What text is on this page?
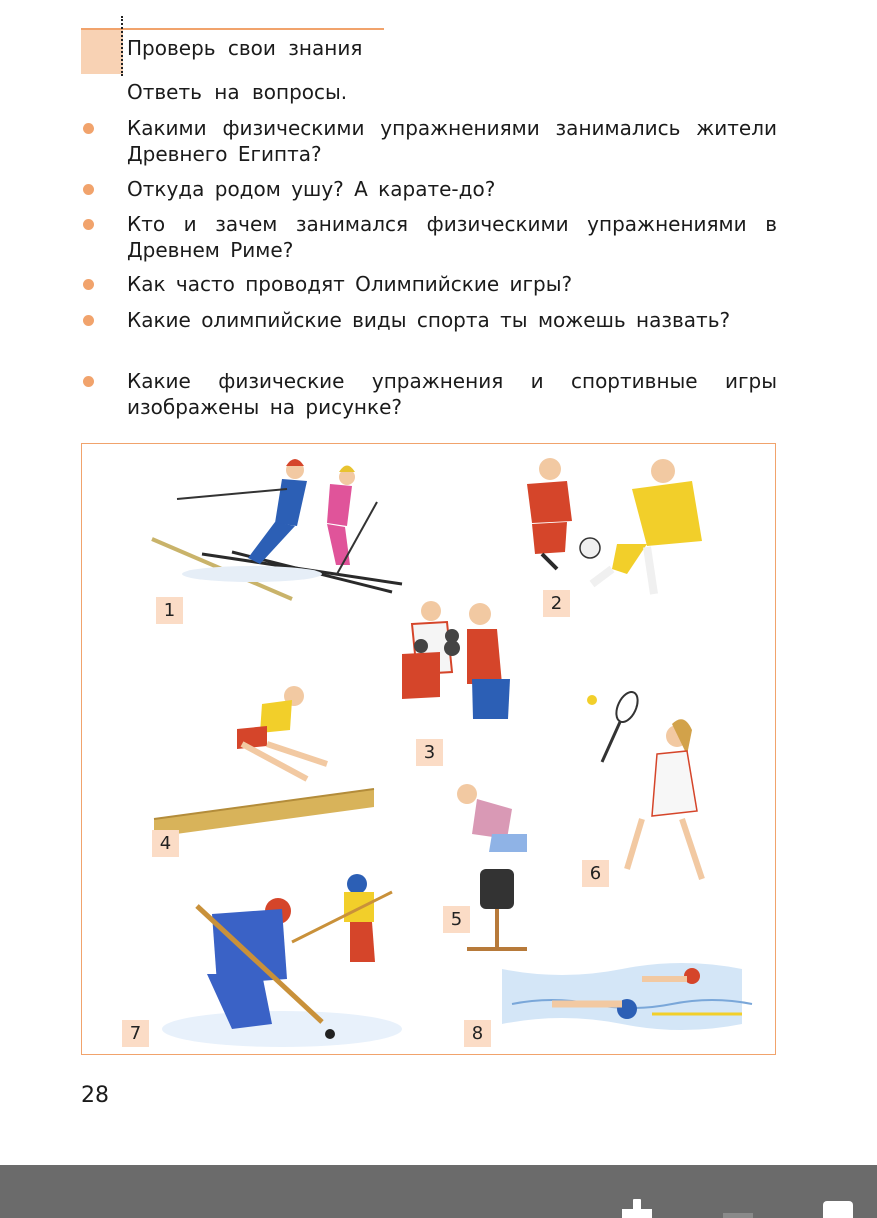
Проверь свои знания
Ответь на вопросы.
Какими физическими упражнениями занимались жители Древнего Египта?
Откуда родом ушу? А карате-до?
Кто и зачем занимался физическими упражнениями в Древнем Риме?
Как часто проводят Олимпийские игры?
Какие олимпийские виды спорта ты можешь назвать?
Какие физические упражнения и спортивные игры изображены на рисунке?
1	2
3
4
5
6
7	8
28
